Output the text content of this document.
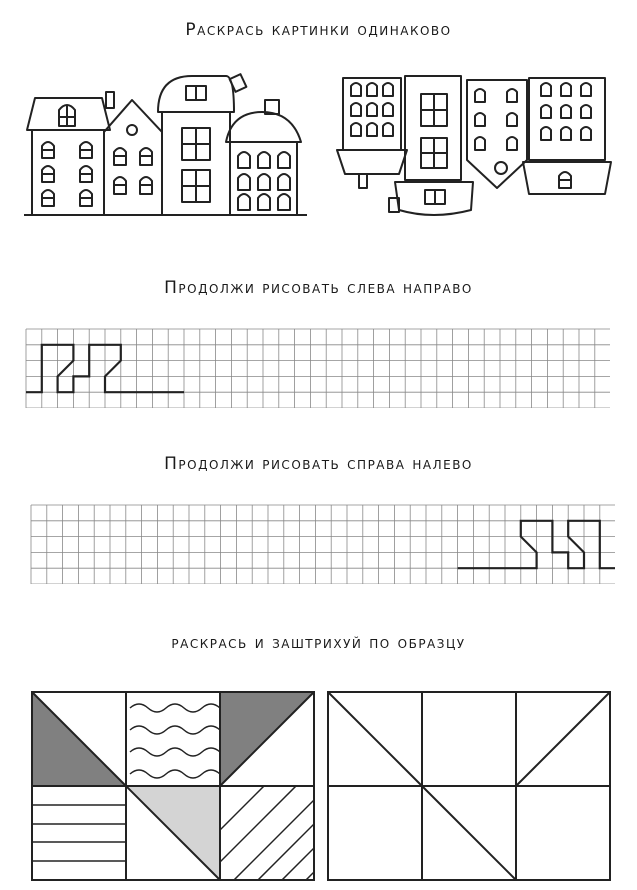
Раскрась картинки одинаково
Продолжи рисовать слева направо
Продолжи рисовать справа налево
раскрась и заштрихуй по образцу
